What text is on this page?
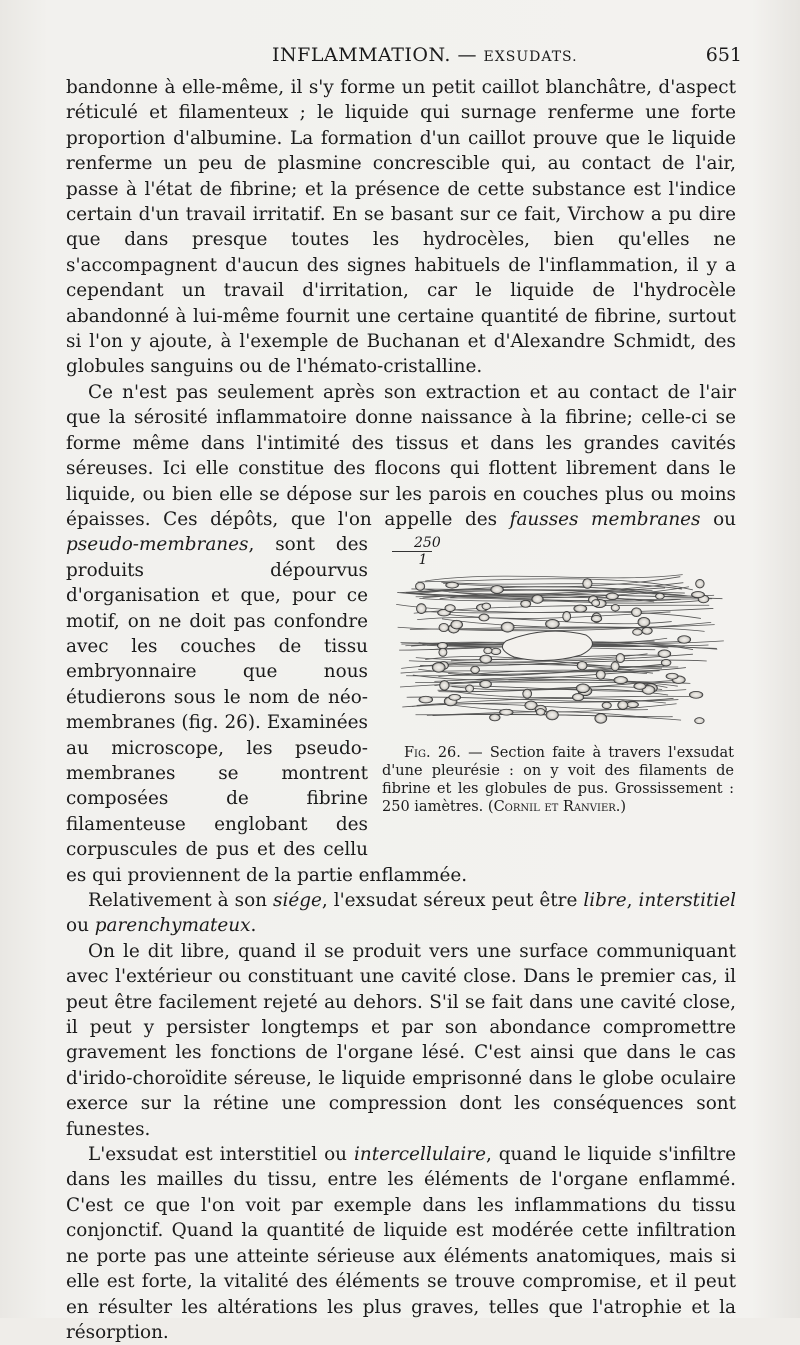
INFLAMMATION. — EXSUDATS.	651

bandonne à elle-même, il s'y forme un petit caillot blanchâtre, d'aspect réticulé et filamenteux ; le liquide qui surnage renferme une forte proportion d'albumine. La formation d'un caillot prouve que le liquide renferme un peu de plasmine concrescible qui, au contact de l'air, passe à l'état de fibrine; et la présence de cette substance est l'indice certain d'un travail irritatif. En se basant sur ce fait, Virchow a pu dire que dans presque toutes les hydrocèles, bien qu'elles ne s'accompagnent d'aucun des signes habituels de l'inflammation, il y a cependant un travail d'irritation, car le liquide de l'hydrocèle abandonné à lui-même fournit une certaine quantité de fibrine, surtout si l'on y ajoute, à l'exemple de Buchanan et d'Alexandre Schmidt, des globules sanguins ou de l'hémato-cristalline.

Ce n'est pas seulement après son extraction et au contact de l'air que la sérosité inflammatoire donne naissance à la fibrine; celle-ci se forme même dans l'intimité des tissus et dans les grandes cavités séreuses. Ici elle constitue des flocons qui flottent librement dans le liquide, ou bien elle se dépose sur les parois en couches plus ou moins épaisses. Ces dépôts, que l'on appelle des
$\frac{250}{1}$
Fig. 26. — Section faite à travers l'exsudat d'une pleurésie : on y voit des filaments de fibrine et les globules de pus. Grossissement : 250 iamètres. (Cornil et Ranvier.)
fausses membranes ou pseudo-membranes, sont des produits dépourvus d'organisation et que, pour ce motif, on ne doit pas confondre avec les couches de tissu embryonnaire que nous étudierons sous le nom de néo-membranes (fig. 26). Examinées au microscope, les pseudo-membranes se montrent composées de fibrine filamenteuse englobant des corpuscules de pus et des cellu es qui proviennent de la partie enflammée.

Relativement à son siége, l'exsudat séreux peut être libre, interstitiel ou parenchymateux.

On le dit libre, quand il se produit vers une surface communiquant avec l'extérieur ou constituant une cavité close. Dans le premier cas, il peut être facilement rejeté au dehors. S'il se fait dans une cavité close, il peut y persister longtemps et par son abondance compromettre gravement les fonctions de l'organe lésé. C'est ainsi que dans le cas d'irido-choroïdite séreuse, le liquide emprisonné dans le globe oculaire exerce sur la rétine une compression dont les conséquences sont funestes.

L'exsudat est interstitiel ou intercellulaire, quand le liquide s'infiltre dans les mailles du tissu, entre les éléments de l'organe enflammé. C'est ce que l'on voit par exemple dans les inflammations du tissu conjonctif. Quand la quantité de liquide est modérée cette infiltration ne porte pas une atteinte sérieuse aux éléments anatomiques, mais si elle est forte, la vitalité des éléments se trouve compromise, et il peut en résulter les altérations les plus graves, telles que l'atrophie et la résorption.
